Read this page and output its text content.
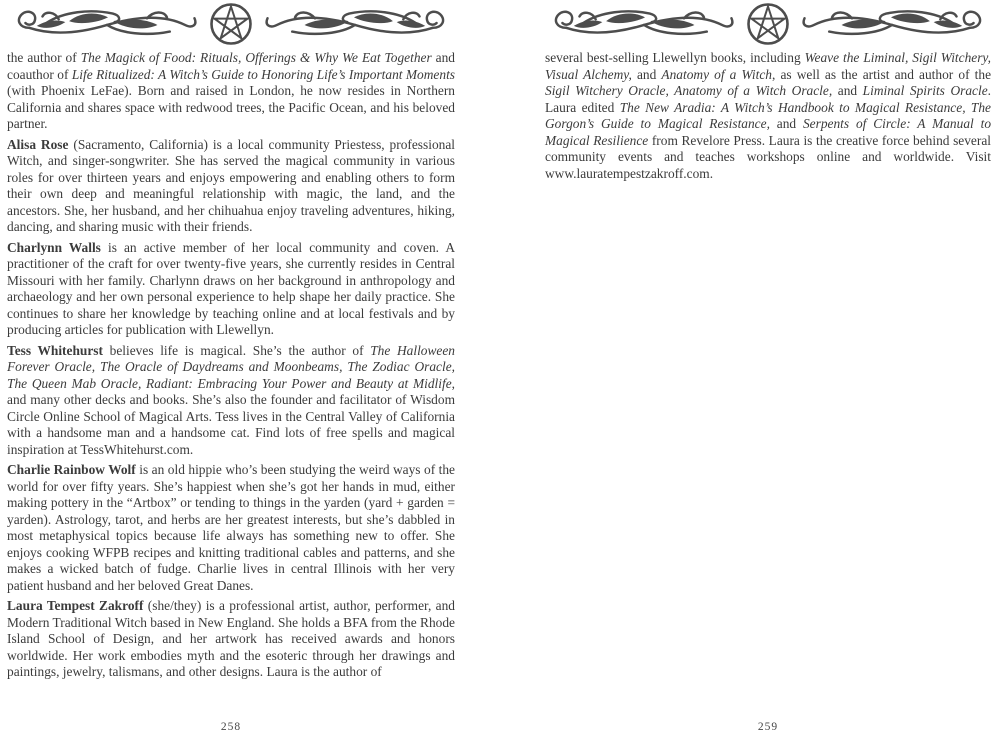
the author of The Magick of Food: Rituals, Offerings & Why We Eat Together and coauthor of Life Ritualized: A Witch’s Guide to Honoring Life’s Important Moments (with Phoenix LeFae). Born and raised in London, he now resides in Northern California and shares space with redwood trees, the Pacific Ocean, and his beloved partner.
Alisa Rose (Sacramento, California) is a local community Priestess, professional Witch, and singer-songwriter. She has served the magical community in various roles for over thirteen years and enjoys empowering and enabling others to form their own deep and meaningful relationship with magic, the land, and the ancestors. She, her husband, and her chihuahua enjoy traveling adventures, hiking, dancing, and sharing music with their friends.
Charlynn Walls is an active member of her local community and coven. A practitioner of the craft for over twenty-five years, she currently resides in Central Missouri with her family. Charlynn draws on her background in anthropology and archaeology and her own personal experience to help shape her daily practice. She continues to share her knowledge by teaching online and at local festivals and by producing articles for publication with Llewellyn.
Tess Whitehurst believes life is magical. She’s the author of The Halloween Forever Oracle, The Oracle of Daydreams and Moonbeams, The Zodiac Oracle, The Queen Mab Oracle, Radiant: Embracing Your Power and Beauty at Midlife, and many other decks and books. She’s also the founder and facilitator of Wisdom Circle Online School of Magical Arts. Tess lives in the Central Valley of California with a handsome man and a handsome cat. Find lots of free spells and magical inspiration at TessWhitehurst.com.
Charlie Rainbow Wolf is an old hippie who’s been studying the weird ways of the world for over fifty years. She’s happiest when she’s got her hands in mud, either making pottery in the “Artbox” or tending to things in the yarden (yard + garden = yarden). Astrology, tarot, and herbs are her greatest interests, but she’s dabbled in most metaphysical topics because life always has something new to offer. She enjoys cooking WFPB recipes and knitting traditional cables and patterns, and she makes a wicked batch of fudge. Charlie lives in central Illinois with her very patient husband and her beloved Great Danes.
Laura Tempest Zakroff (she/they) is a professional artist, author, performer, and Modern Traditional Witch based in New England. She holds a BFA from the Rhode Island School of Design, and her artwork has received awards and honors worldwide. Her work embodies myth and the esoteric through her drawings and paintings, jewelry, talismans, and other designs. Laura is the author of
258
several best-selling Llewellyn books, including Weave the Liminal, Sigil Witchery, Visual Alchemy, and Anatomy of a Witch, as well as the artist and author of the Sigil Witchery Oracle, Anatomy of a Witch Oracle, and Liminal Spirits Oracle. Laura edited The New Aradia: A Witch’s Handbook to Magical Resistance, The Gorgon’s Guide to Magical Resistance, and Serpents of Circle: A Manual to Magical Resilience from Revelore Press. Laura is the creative force behind several community events and teaches workshops online and worldwide. Visit www.lauratempestzakroff.com.
259
